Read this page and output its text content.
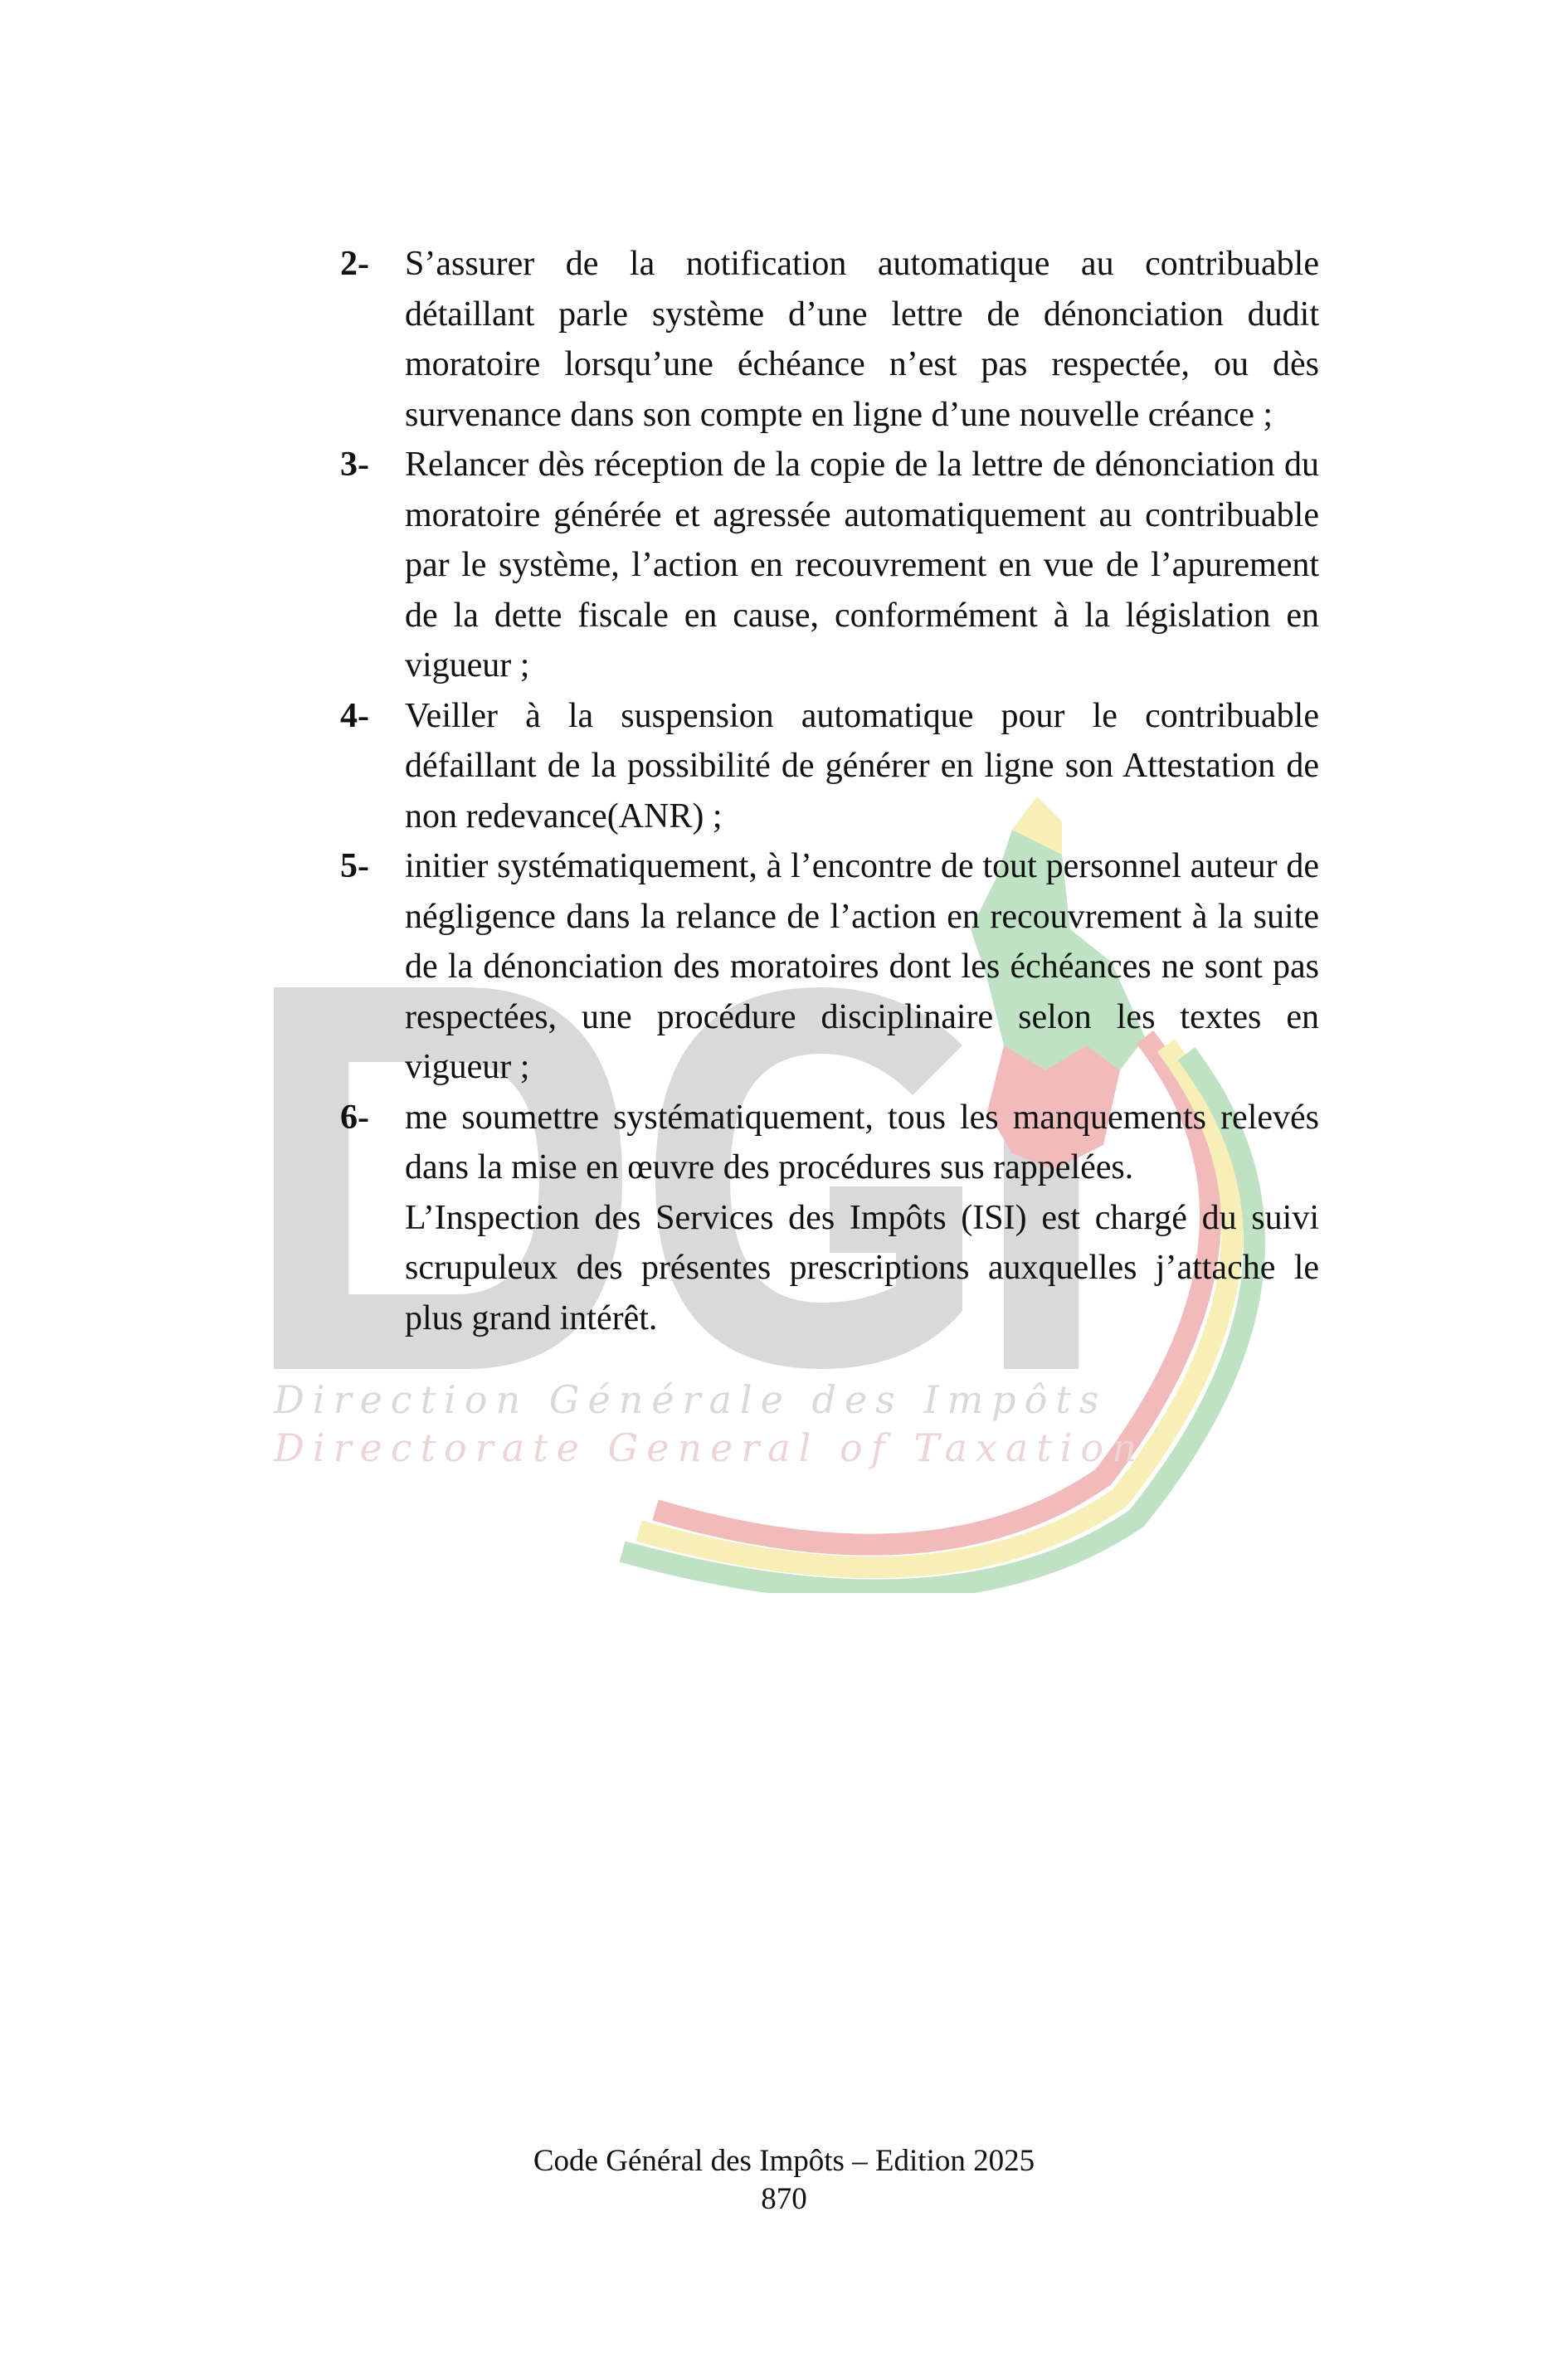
Direction Générale des Impôts
Directorate General of Taxation
2-	S’assurer de la notification automatique au contribuable détaillant parle système d’une lettre de dénonciation dudit moratoire lorsqu’une échéance n’est pas respectée, ou dès survenance dans son compte en ligne d’une nouvelle créance ;

3-	Relancer dès réception de la copie de la lettre de dénonciation du moratoire générée et agressée automatiquement au contribuable par le système, l’action en recouvrement en vue de l’apurement de la dette fiscale en cause, conformément à la législation en vigueur ;

4-	Veiller à la suspension automatique pour le contribuable défaillant de la possibilité de générer en ligne son Attestation de non redevance(ANR) ;

5-	initier systématiquement, à l’encontre de tout personnel auteur de négligence dans la relance de l’action en recouvrement à la suite de la dénonciation des moratoires dont les échéances ne sont pas respectées, une procédure disciplinaire selon les textes en vigueur ;

6-	me soumettre systématiquement, tous les manquements relevés dans la mise en œuvre des procédures sus rappelées.

L’Inspection des Services des Impôts (ISI) est chargé du suivi scrupuleux des présentes prescriptions auxquelles j’attache le plus grand intérêt.

Code Général des Impôts – Edition 2025
870
